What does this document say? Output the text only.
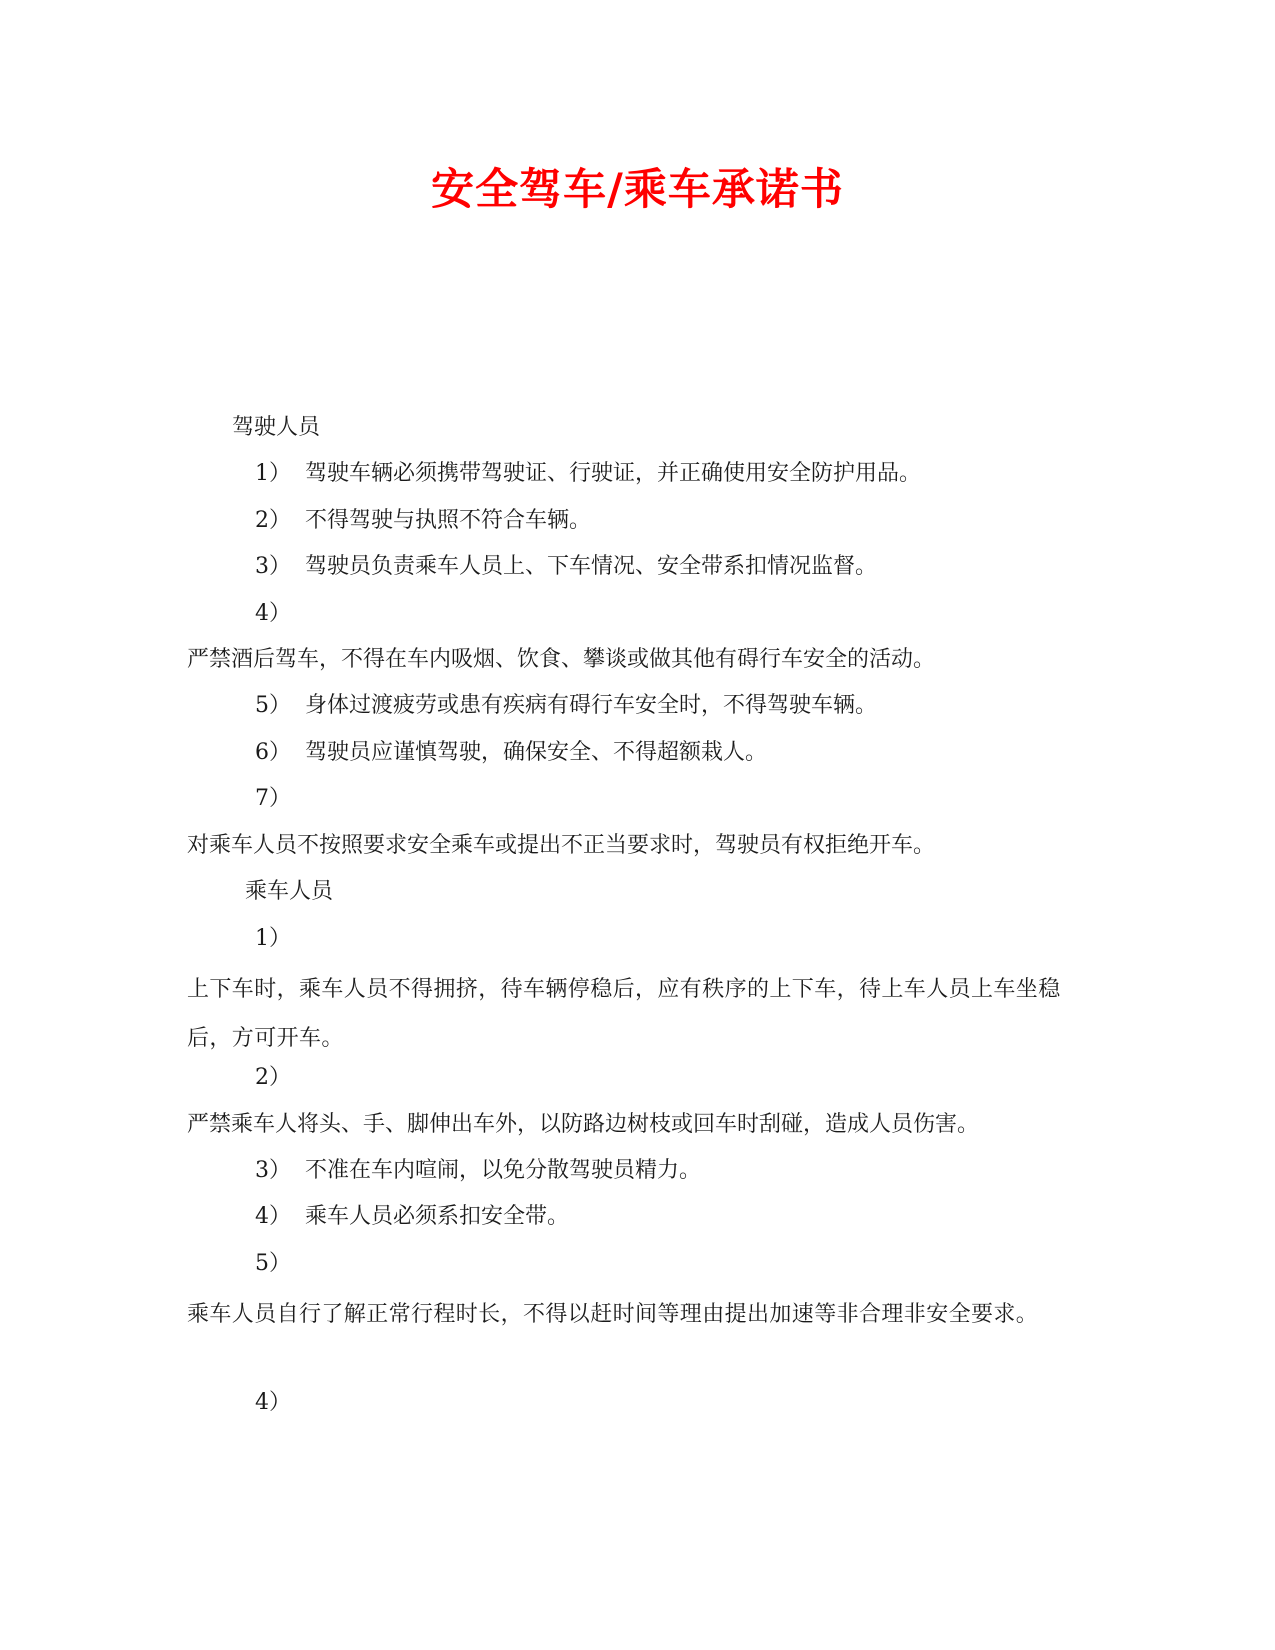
安全驾车/乘车承诺书
驾驶人员
1） 驾驶车辆必须携带驾驶证、行驶证，并正确使用安全防护用品。
2） 不得驾驶与执照不符合车辆。
3） 驾驶员负责乘车人员上、下车情况、安全带系扣情况监督。
4）
严禁酒后驾车，不得在车内吸烟、饮食、攀谈或做其他有碍行车安全的活动。
5） 身体过渡疲劳或患有疾病有碍行车安全时，不得驾驶车辆。
6） 驾驶员应谨慎驾驶，确保安全、不得超额栽人。
7）
对乘车人员不按照要求安全乘车或提出不正当要求时，驾驶员有权拒绝开车。
乘车人员
1）
上下车时，乘车人员不得拥挤，待车辆停稳后，应有秩序的上下车，待上车人员上车坐稳后，方可开车。
2）
严禁乘车人将头、手、脚伸出车外，以防路边树枝或回车时刮碰，造成人员伤害。
3） 不准在车内喧闹，以免分散驾驶员精力。
4） 乘车人员必须系扣安全带。
5）
乘车人员自行了解正常行程时长，不得以赶时间等理由提出加速等非合理非安全要求。
4）
